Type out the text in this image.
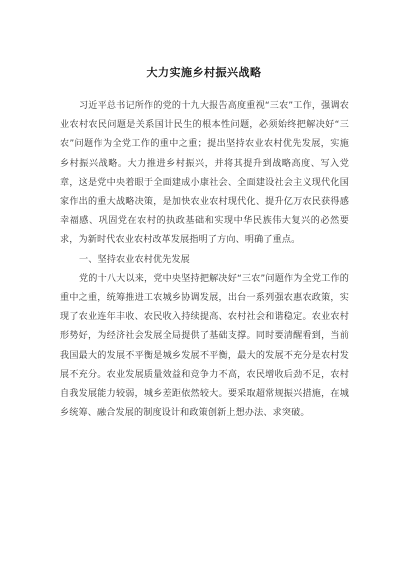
大力实施乡村振兴战略

习近平总书记所作的党的十九大报告高度重视“三农”工作，强调农业农村农民问题是关系国计民生的根本性问题，必须始终把解决好“三农”问题作为全党工作的重中之重；提出坚持农业农村优先发展，实施乡村振兴战略。大力推进乡村振兴，并将其提升到战略高度、写入党章，这是党中央着眼于全面建成小康社会、全面建设社会主义现代化国家作出的重大战略决策，是加快农业农村现代化、提升亿万农民获得感幸福感、巩固党在农村的执政基础和实现中华民族伟大复兴的必然要求，为新时代农业农村改革发展指明了方向、明确了重点。

一、坚持农业农村优先发展

党的十八大以来，党中央坚持把解决好“三农”问题作为全党工作的重中之重，统筹推进工农城乡协调发展，出台一系列强农惠农政策，实现了农业连年丰收、农民收入持续提高、农村社会和谐稳定。农业农村形势好，为经济社会发展全局提供了基础支撑。同时要清醒看到，当前我国最大的发展不平衡是城乡发展不平衡，最大的发展不充分是农村发展不充分。农业发展质量效益和竞争力不高，农民增收后劲不足，农村自我发展能力较弱，城乡差距依然较大。要采取超常规振兴措施，在城乡统筹、融合发展的制度设计和政策创新上想办法、求突破。
